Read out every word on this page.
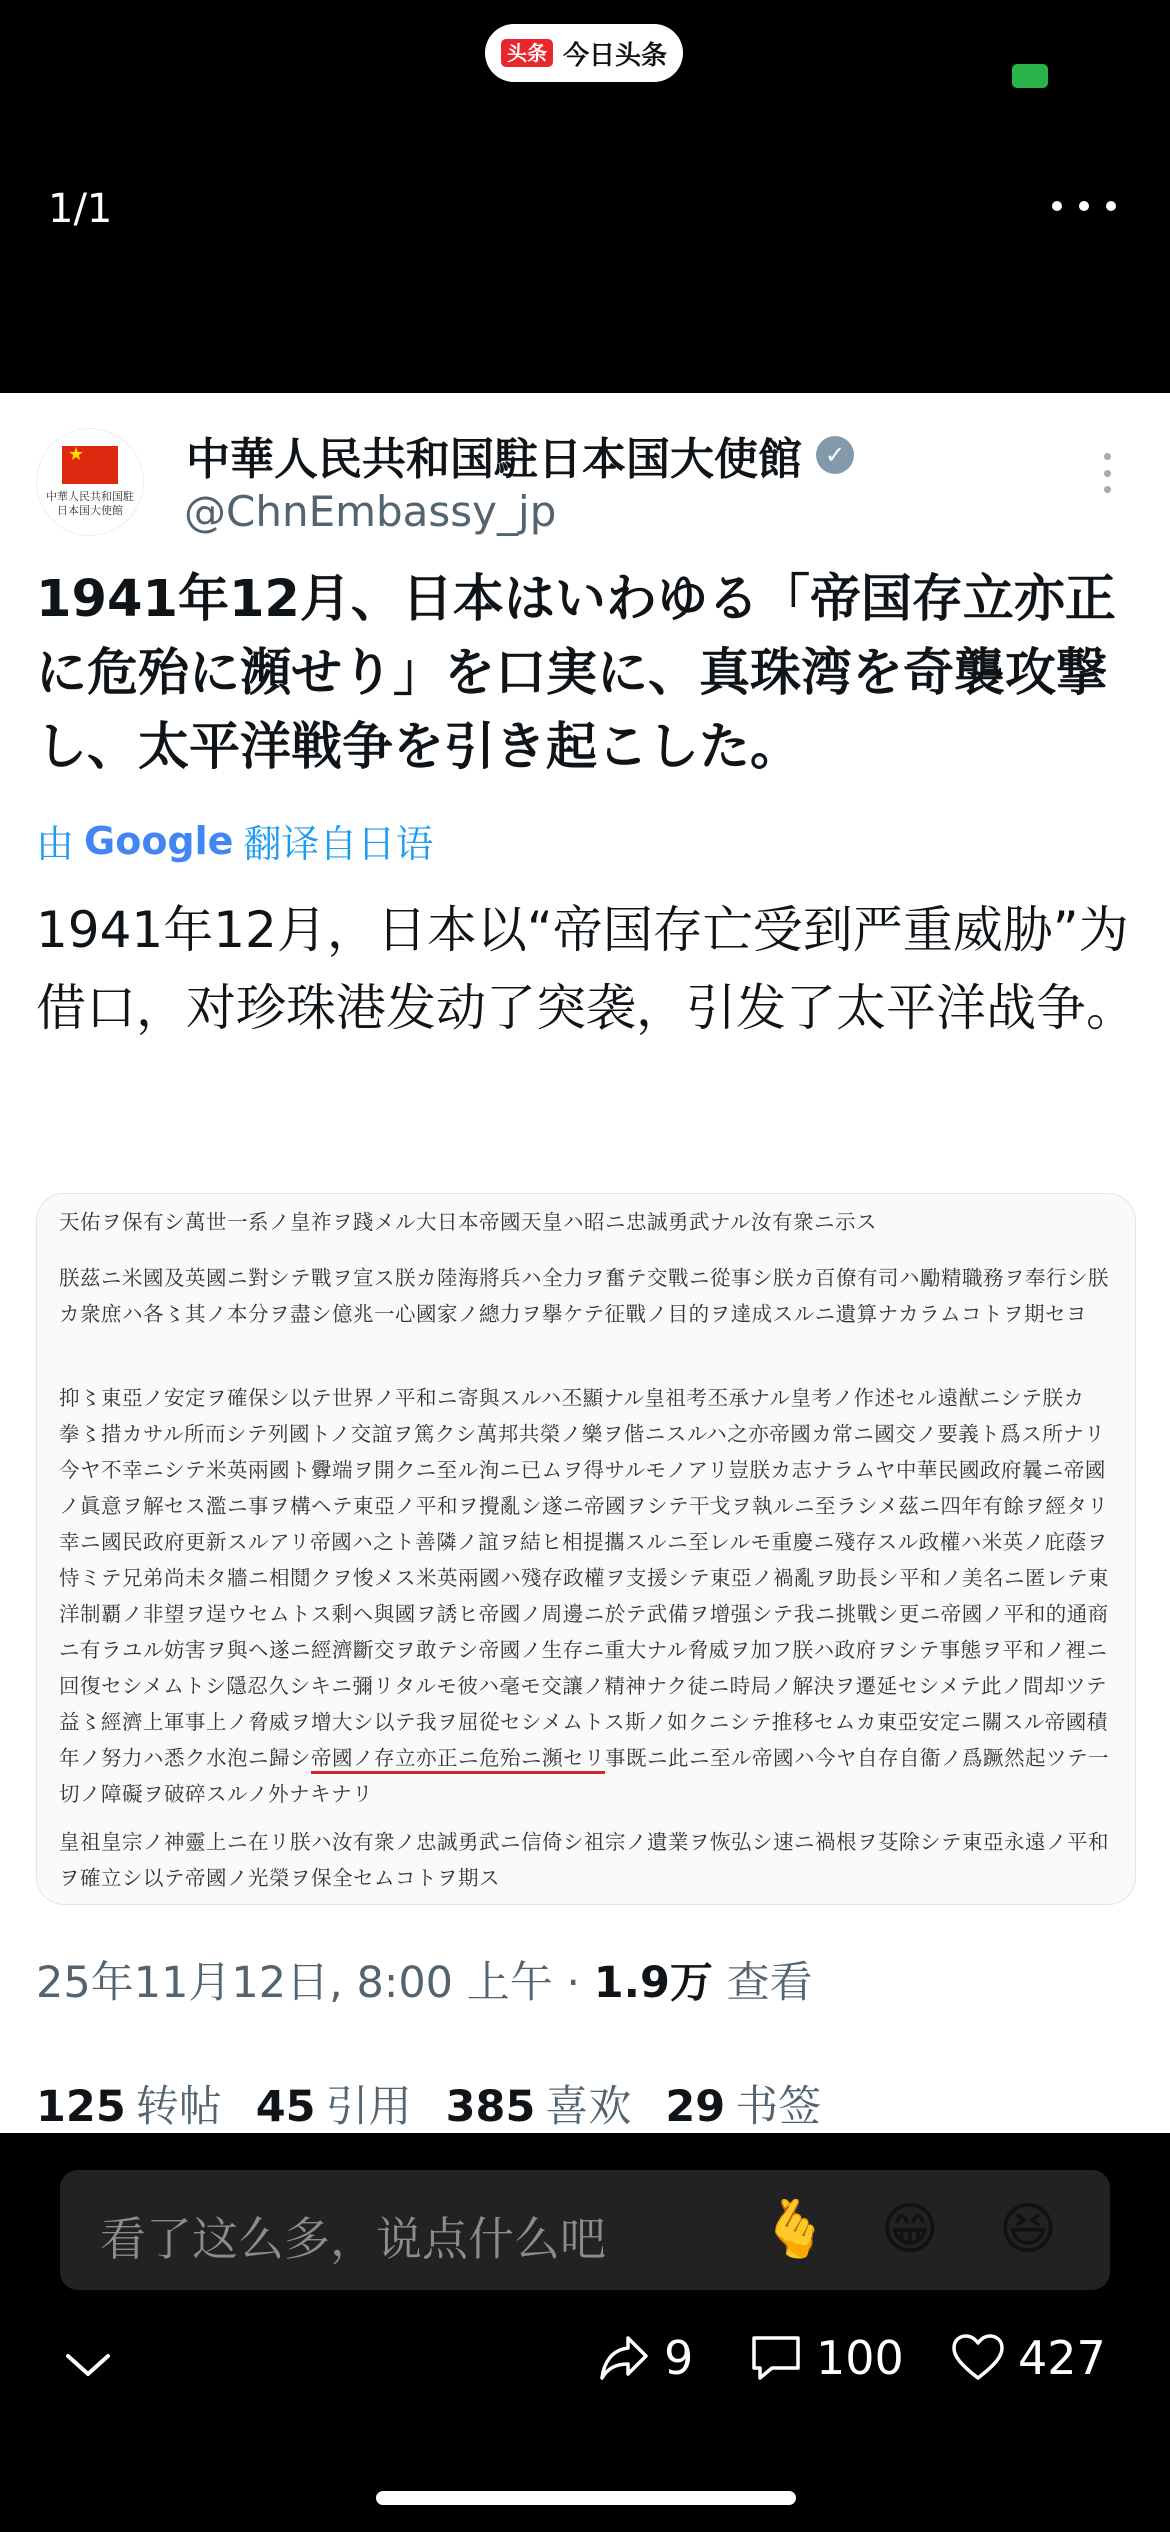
头条 今日头条
1/1
★
中華人民共和国駐日本国大使館
中華人民共和国駐日本国大使館 ✓
@ChnEmbassy_jp

1941年12月、日本はいわゆる「帝国存立亦正に危殆に瀕せり」を口実に、真珠湾を奇襲攻撃し、太平洋戦争を引き起こした。

由 Google 翻译自日语

1941年12月，日本以“帝国存亡受到严重威胁”为借口，对珍珠港发动了突袭，引发了太平洋战争。

天佑ヲ保有シ萬世一系ノ皇祚ヲ踐メル大日本帝國天皇ハ昭ニ忠誠勇武ナル汝有衆ニ示ス

朕茲ニ米國及英國ニ對シテ戰ヲ宣ス朕カ陸海將兵ハ全力ヲ奮テ交戰ニ從事シ朕カ百僚有司ハ勵精職務ヲ奉行シ朕カ衆庶ハ各〻其ノ本分ヲ盡シ億兆一心國家ノ總力ヲ擧ケテ征戰ノ目的ヲ達成スルニ遺算ナカラムコトヲ期セヨ

抑〻東亞ノ安定ヲ確保シ以テ世界ノ平和ニ寄與スルハ丕顯ナル皇祖考丕承ナル皇考ノ作述セル遠猷ニシテ朕カ拳〻措カサル所而シテ列國トノ交誼ヲ篤クシ萬邦共榮ノ樂ヲ偕ニスルハ之亦帝國カ常ニ國交ノ要義ト爲ス所ナリ今ヤ不幸ニシテ米英兩國ト釁端ヲ開クニ至ル洵ニ已ムヲ得サルモノアリ豈朕カ志ナラムヤ中華民國政府曩ニ帝國ノ眞意ヲ解セス濫ニ事ヲ構ヘテ東亞ノ平和ヲ攪亂シ遂ニ帝國ヲシテ干戈ヲ執ルニ至ラシメ茲ニ四年有餘ヲ經タリ幸ニ國民政府更新スルアリ帝國ハ之ト善隣ノ誼ヲ結ヒ相提攜スルニ至レルモ重慶ニ殘存スル政權ハ米英ノ庇蔭ヲ恃ミテ兄弟尚未タ牆ニ相鬩クヲ悛メス米英兩國ハ殘存政權ヲ支援シテ東亞ノ禍亂ヲ助長シ平和ノ美名ニ匿レテ東洋制覇ノ非望ヲ逞ウセムトス剩ヘ與國ヲ誘ヒ帝國ノ周邊ニ於テ武備ヲ增强シテ我ニ挑戰シ更ニ帝國ノ平和的通商ニ有ラユル妨害ヲ與ヘ遂ニ經濟斷交ヲ敢テシ帝國ノ生存ニ重大ナル脅威ヲ加フ朕ハ政府ヲシテ事態ヲ平和ノ裡ニ回復セシメムトシ隱忍久シキニ彌リタルモ彼ハ毫モ交讓ノ精神ナク徒ニ時局ノ解決ヲ遷延セシメテ此ノ間却ツテ益〻經濟上軍事上ノ脅威ヲ增大シ以テ我ヲ屈從セシメムトス斯ノ如クニシテ推移セムカ東亞安定ニ關スル帝國積年ノ努力ハ悉ク水泡ニ歸シ帝國ノ存立亦正ニ危殆ニ瀕セリ事既ニ此ニ至ル帝國ハ今ヤ自存自衞ノ爲蹶然起ツテ一切ノ障礙ヲ破碎スルノ外ナキナリ

皇祖皇宗ノ神靈上ニ在リ朕ハ汝有衆ノ忠誠勇武ニ信倚シ祖宗ノ遺業ヲ恢弘シ速ニ禍根ヲ芟除シテ東亞永遠ノ平和ヲ確立シ以テ帝國ノ光榮ヲ保全セムコトヲ期ス

25年11月12日, 8:00 上午 · 1.9万 查看
125 转帖 45 引用 385 喜欢 29 书签
看了这么多，说点什么吧	🫰 😁 😆
9	100 427
